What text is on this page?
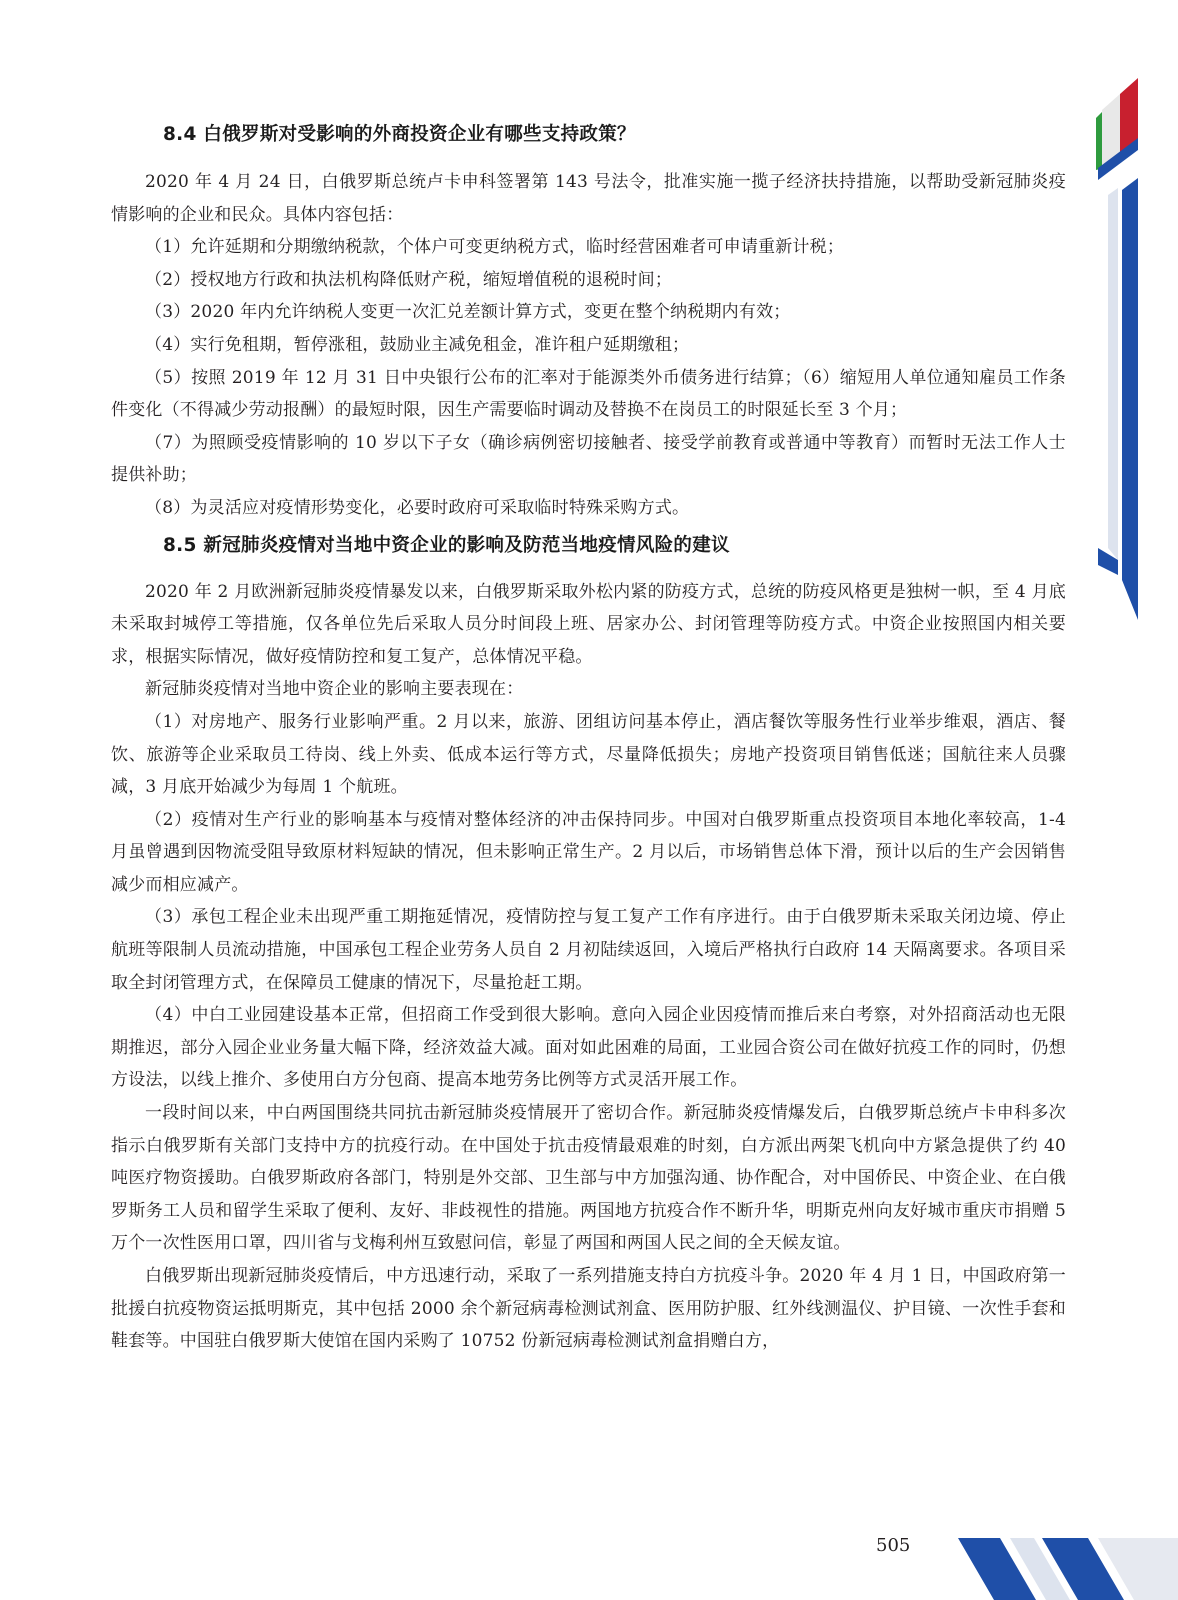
8.4 白俄罗斯对受影响的外商投资企业有哪些支持政策？

2020 年 4 月 24 日，白俄罗斯总统卢卡申科签署第 143 号法令，批准实施一揽子经济扶持措施，以帮助受新冠肺炎疫情影响的企业和民众。具体内容包括：

（1）允许延期和分期缴纳税款，个体户可变更纳税方式，临时经营困难者可申请重新计税；

（2）授权地方行政和执法机构降低财产税，缩短增值税的退税时间；

（3）2020 年内允许纳税人变更一次汇兑差额计算方式，变更在整个纳税期内有效；

（4）实行免租期，暂停涨租，鼓励业主减免租金，准许租户延期缴租；

（5）按照 2019 年 12 月 31 日中央银行公布的汇率对于能源类外币债务进行结算；（6）缩短用人单位通知雇员工作条件变化（不得减少劳动报酬）的最短时限，因生产需要临时调动及替换不在岗员工的时限延长至 3 个月；

（7）为照顾受疫情影响的 10 岁以下子女（确诊病例密切接触者、接受学前教育或普通中等教育）而暂时无法工作人士提供补助；

（8）为灵活应对疫情形势变化，必要时政府可采取临时特殊采购方式。

8.5 新冠肺炎疫情对当地中资企业的影响及防范当地疫情风险的建议

2020 年 2 月欧洲新冠肺炎疫情暴发以来，白俄罗斯采取外松内紧的防疫方式，总统的防疫风格更是独树一帜，至 4 月底未采取封城停工等措施，仅各单位先后采取人员分时间段上班、居家办公、封闭管理等防疫方式。中资企业按照国内相关要求，根据实际情况，做好疫情防控和复工复产，总体情况平稳。

新冠肺炎疫情对当地中资企业的影响主要表现在：

（1）对房地产、服务行业影响严重。2 月以来，旅游、团组访问基本停止，酒店餐饮等服务性行业举步维艰，酒店、餐饮、旅游等企业采取员工待岗、线上外卖、低成本运行等方式，尽量降低损失；房地产投资项目销售低迷；国航往来人员骤减，3 月底开始减少为每周 1 个航班。

（2）疫情对生产行业的影响基本与疫情对整体经济的冲击保持同步。中国对白俄罗斯重点投资项目本地化率较高，1-4 月虽曾遇到因物流受阻导致原材料短缺的情况，但未影响正常生产。2 月以后，市场销售总体下滑，预计以后的生产会因销售减少而相应减产。

（3）承包工程企业未出现严重工期拖延情况，疫情防控与复工复产工作有序进行。由于白俄罗斯未采取关闭边境、停止航班等限制人员流动措施，中国承包工程企业劳务人员自 2 月初陆续返回，入境后严格执行白政府 14 天隔离要求。各项目采取全封闭管理方式，在保障员工健康的情况下，尽量抢赶工期。

（4）中白工业园建设基本正常，但招商工作受到很大影响。意向入园企业因疫情而推后来白考察，对外招商活动也无限期推迟，部分入园企业业务量大幅下降，经济效益大减。面对如此困难的局面，工业园合资公司在做好抗疫工作的同时，仍想方设法，以线上推介、多使用白方分包商、提高本地劳务比例等方式灵活开展工作。

一段时间以来，中白两国围绕共同抗击新冠肺炎疫情展开了密切合作。新冠肺炎疫情爆发后，白俄罗斯总统卢卡申科多次指示白俄罗斯有关部门支持中方的抗疫行动。在中国处于抗击疫情最艰难的时刻，白方派出两架飞机向中方紧急提供了约 40 吨医疗物资援助。白俄罗斯政府各部门，特别是外交部、卫生部与中方加强沟通、协作配合，对中国侨民、中资企业、在白俄罗斯务工人员和留学生采取了便利、友好、非歧视性的措施。两国地方抗疫合作不断升华，明斯克州向友好城市重庆市捐赠 5 万个一次性医用口罩，四川省与戈梅利州互致慰问信，彰显了两国和两国人民之间的全天候友谊。

白俄罗斯出现新冠肺炎疫情后，中方迅速行动，采取了一系列措施支持白方抗疫斗争。2020 年 4 月 1 日，中国政府第一批援白抗疫物资运抵明斯克，其中包括 2000 余个新冠病毒检测试剂盒、医用防护服、红外线测温仪、护目镜、一次性手套和鞋套等。中国驻白俄罗斯大使馆在国内采购了 10752 份新冠病毒检测试剂盒捐赠白方，

505
